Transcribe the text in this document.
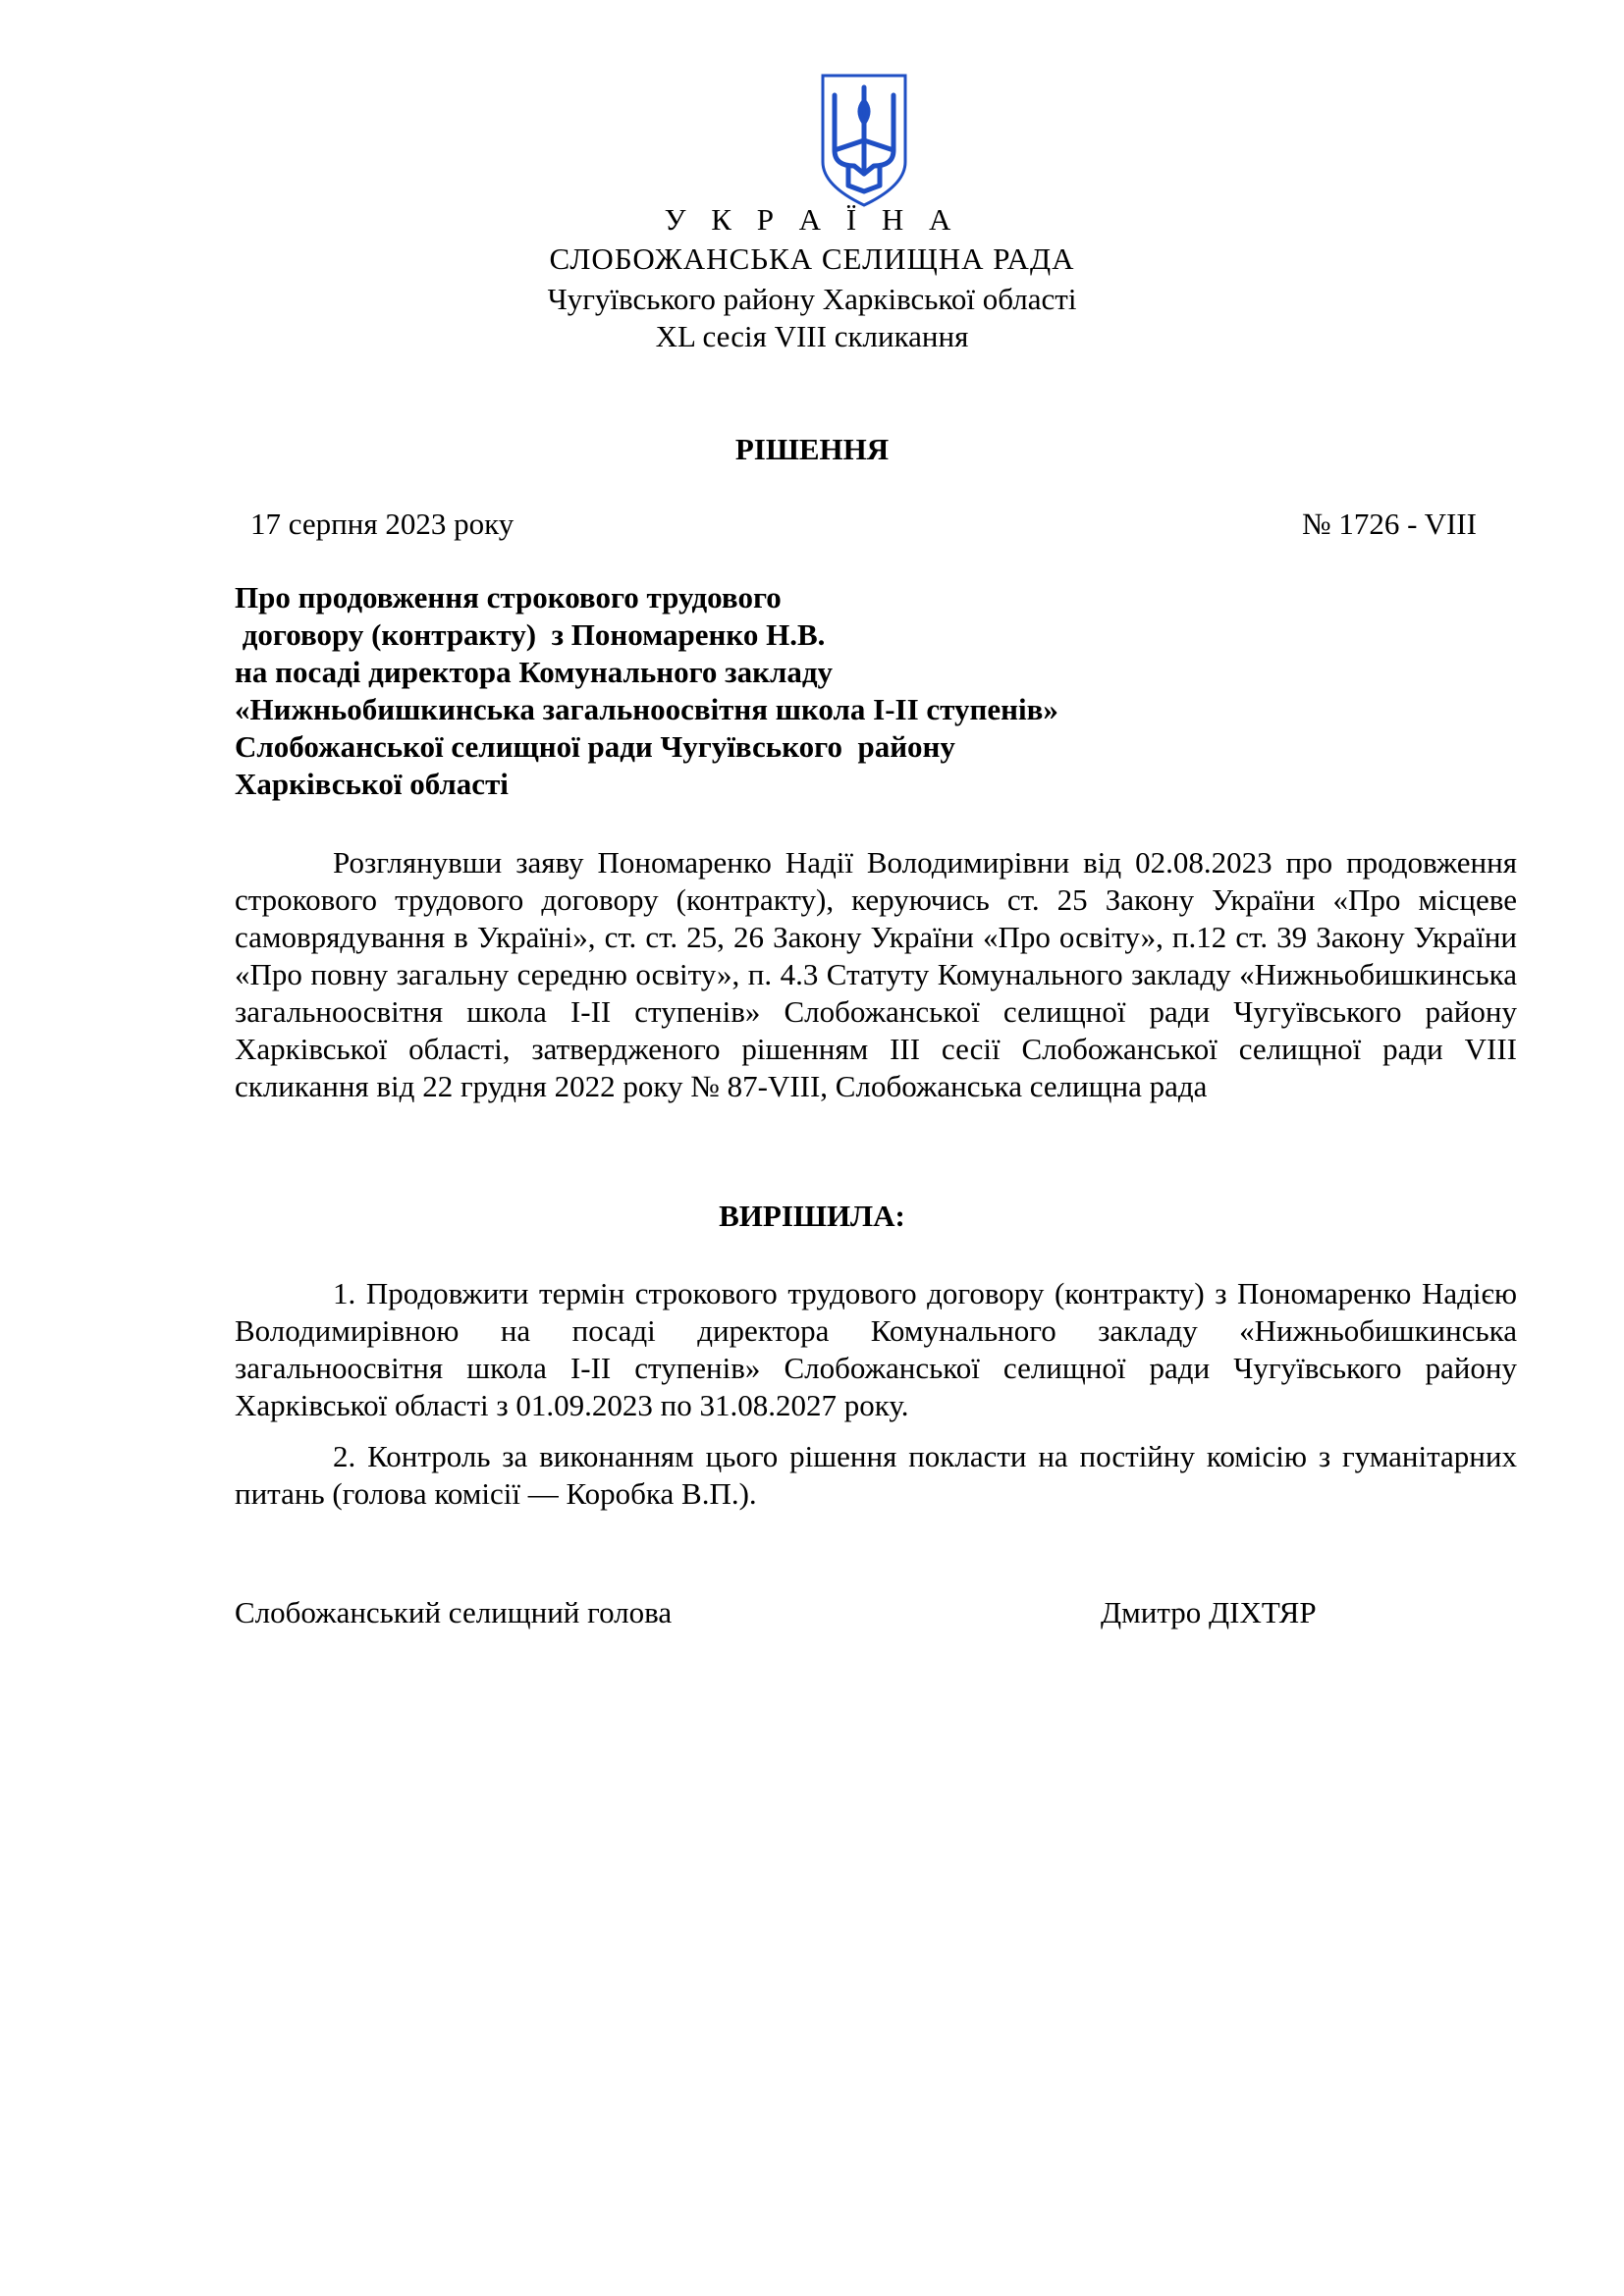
У К Р А Ї Н А
СЛОБОЖАНСЬКА СЕЛИЩНА РАДА
Чугуївського району Харківської області
XL сесія VIII скликання
РІШЕННЯ
17 серпня 2023 року	№ 1726 - VIII
Про продовження строкового трудового
договору (контракту)  з Пономаренко Н.В.
на посаді директора Комунального закладу
«Нижньобишкинська загальноосвітня школа І-ІІ ступенів»
Слобожанської селищної ради Чугуївського  району
Харківської області
Розглянувши заяву Пономаренко Надії Володимирівни від 02.08.2023 про продовження строкового трудового договору (контракту), керуючись ст. 25 Закону України «Про місцеве самоврядування в Україні», ст. ст. 25, 26 Закону України «Про освіту», п.12 ст. 39 Закону України «Про повну загальну середню освіту», п. 4.3 Статуту Комунального закладу «Нижньобишкинська загальноосвітня школа І-ІІ ступенів» Слобожанської селищної ради Чугуївського району Харківської області, затвердженого рішенням ІІІ сесії Слобожанської селищної ради VІІІ скликання від 22 грудня 2022 року № 87-VІІІ, Слобожанська селищна рада
ВИРІШИЛА:
1. Продовжити термін строкового трудового договору (контракту) з Пономаренко Надією Володимирівною на посаді директора Комунального закладу «Нижньобишкинська загальноосвітня школа І-ІІ ступенів» Слобожанської селищної ради Чугуївського району Харківської області з 01.09.2023 по 31.08.2027 року.
2. Контроль за виконанням цього рішення покласти на постійну комісію з гуманітарних питань (голова комісії — Коробка В.П.).
Слобожанський селищний голова	Дмитро ДІХТЯР
